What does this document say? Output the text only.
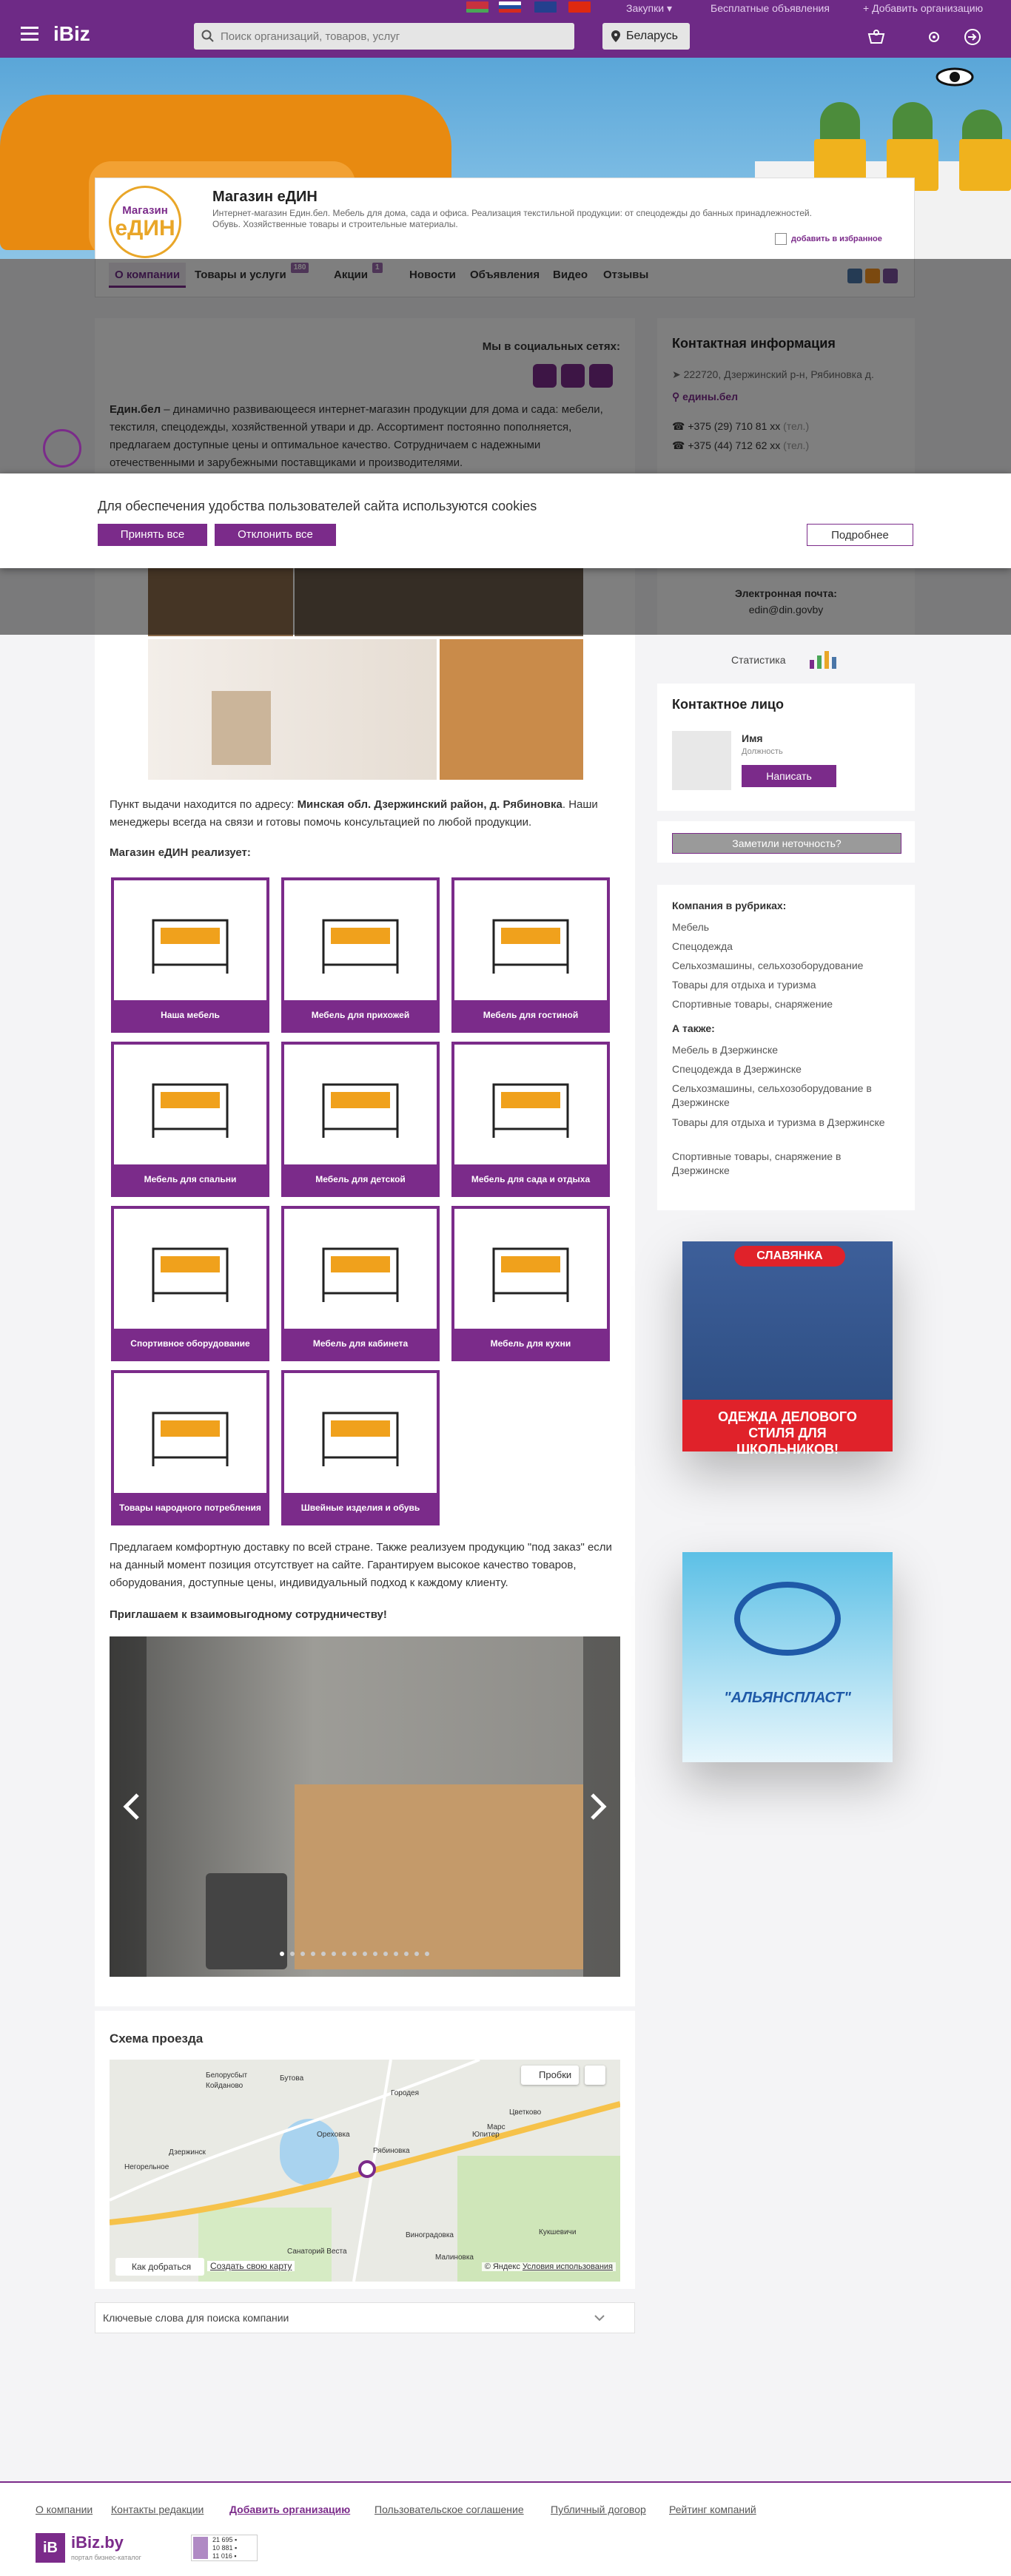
Закупки ▾	Бесплатные объявления	+ Добавить организацию
iBiz
Поиск организаций, товаров, услуг	Беларусь
Магазин
еДИН
Магазин еДИН
Интернет-магазин Един.бел. Мебель для дома, сада и офиса. Реализация текстильной продукции: от спецодежды до банных принадлежностей. Обувь. Хозяйственные товары и строительные материалы.
добавить в избранное

Пункт выдачи находится по адресу: Минская обл. Дзержинский район, д. Рябиновка. Наши менеджеры всегда на связи и готовы помочь консультацией по любой продукции.

Магазин еДИН реализует:
Наша мебель	Мебель для прихожей	Мебель для гостиной
Мебель для спальни	Мебель для детской	Мебель для сада и отдыха
Спортивное оборудование	Мебель для кабинета	Мебель для кухни
Товары народного потребления	Швейные изделия и обувь

Предлагаем комфортную доставку по всей стране. Также реализуем продукцию "под заказ" если на данный момент позиция отсутствует на сайте. Гарантируем высокое качество товаров, оборудования, доступные цены, индивидуальный подход к каждому клиенту.

Приглашаем к взаимовыгодному сотрудничеству!
Схема проезда
Койданово
Белорусбыт
Городея
Бутова
Дзержинск
Ореховка
Рябиновка
Юпитер
Цветково
Негорельное
Виноградовка
Малиновка
Кукшевичи
Санаторий Веста
Марс
Пробки
Как добраться	Создать свою карту	© Яндекс Условия использования
Ключевые слова для поиска компании
Статистика
Контактное лицо
Имя
Должность
Написать
Заметили неточность?
Компания в рубриках:
Мебель
Спецодежда
Сельхозмашины, сельхозоборудование
Товары для отдыха и туризма
Спортивные товары, снаряжение
А также:
Мебель в Дзержинске
Спецодежда в Дзержинске
Сельхозмашины, сельхозоборудование в Дзержинске
Товары для отдыха и туризма в Дзержинске
Спортивные товары, снаряжение в Дзержинске
СЛАВЯНКА
ОДЕЖДА ДЕЛОВОГО СТИЛЯ ДЛЯ ШКОЛЬНИКОВ!
"АЛЬЯНСПЛАСТ"
Для обеспечения удобства пользователей сайта используются cookies
Принять все	Отклонить все	Подробнее
О компании Контакты редакции Добавить организацию Пользовательское соглашение	Публичный договор Рейтинг компаний
iB iBiz.by
портал бизнес-каталог
21 695 ▪
10 881 ▪
11 016 ▪
